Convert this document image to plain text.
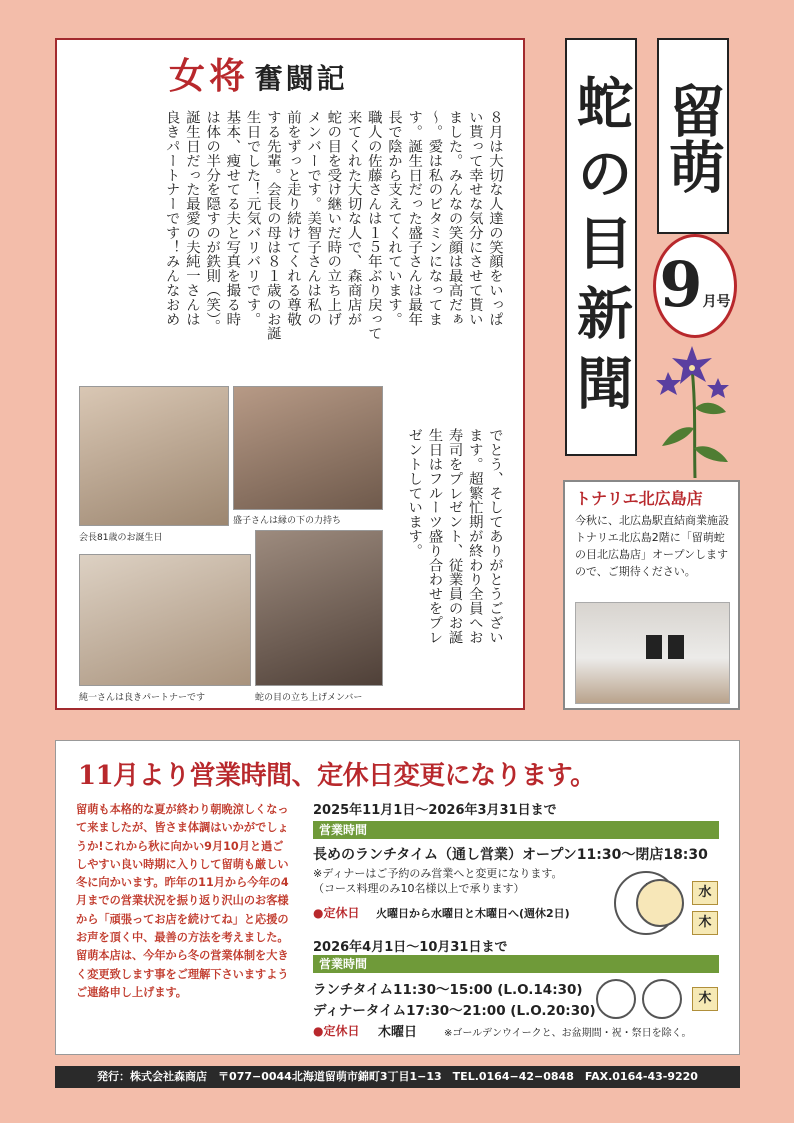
女将 奮闘記
８月は大切な人達の笑顔をいっぱ
い貰って幸せな気分にさせて貰い
ました。みんなの笑顔は最高だぁ
〜。愛は私のビタミンになってま
す。誕生日だった盛子さんは最年
長で陰から支えてくれています。
職人の佐藤さんは１５年ぶり戻って
来てくれた大切な人で、森商店が
蛇の目を受け継いだ時の立ち上げ
メンバーです。美智子さんは私の
前をずっと走り続けてくれる尊敬
する先輩。会長の母は８１歳のお誕
生日でした！元気バリバリです。
基本、痩せてる夫と写真を撮る時
は体の半分を隠すのが鉄則（笑）。
誕生日だった最愛の夫純一さんは
良きパートナーです！みんなおめ
でとう、そしてありがとうござい
ます。超繁忙期が終わり全員へお
寿司をプレゼント、従業員のお誕
生日はフルーツ盛り合わせをプレ
ゼントしています。
会長81歳のお誕生日
盛子さんは縁の下の力持ち
純一さんは良きパートナーです	蛇の目の立ち上げメンバー
留萌
蛇の目新聞 9月号
トナリエ北広島店
今秋に、北広島駅直結商業施設トナリエ北広島2階に「留萌蛇の目北広島店」オープンしますので、ご期待ください。
11月より営業時間、定休日変更になります。
留萌も本格的な夏が終わり朝晩涼しくなって来ましたが、皆さま体調はいかがでしょうか!これから秋に向かい9月10月と過ごしやすい良い時期に入りして留萌も厳しい冬に向かいます。昨年の11月から今年の4月までの営業状況を振り返り沢山のお客様から「頑張ってお店を続けてね」と応援のお声を頂く中、最善の方法を考えました。留萌本店は、今年から冬の営業体制を大きく変更致します事をご理解下さいますようご連絡申し上げます。
2025年11月1日〜2026年3月31日まで
営業時間
長めのランチタイム（通し営業）オープン11:30〜閉店18:30
※ディナーはご予約のみ営業へと変更になります。
（コース料理のみ10名様以上で承ります）
●定休日 火曜日から水曜日と木曜日へ(週休2日)
水
木
2026年4月1日〜10月31日まで
営業時間
ランチタイム11:30〜15:00 (L.O.14:30)
ディナータイム17:30〜21:00 (L.O.20:30)
●定休日 木曜日	※ゴールデンウイークと、お盆期間・祝・祭日を除く。
木
発行：株式会社森商店　〒077−0044北海道留萌市錦町3丁目1−13　TEL.0164−42−0848　FAX.0164-43-9220
